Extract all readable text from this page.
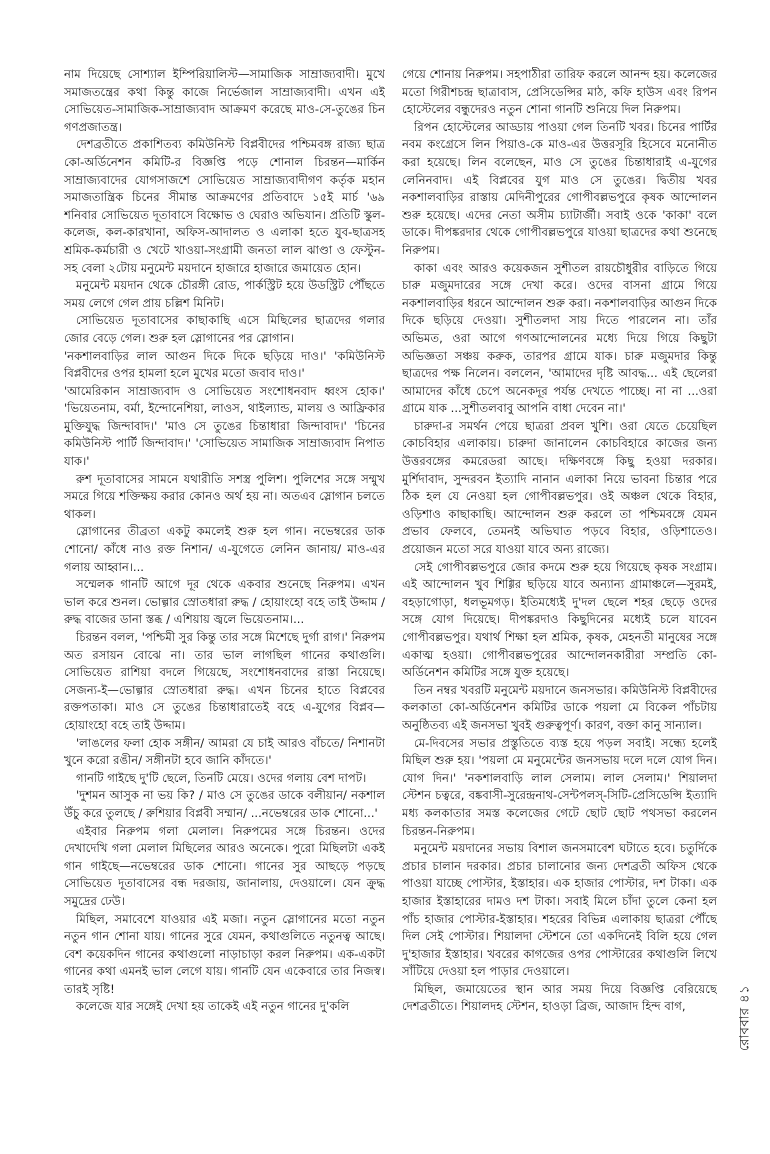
নাম দিয়েছে সোশ্যাল ইম্পিরিয়ালিস্ট—সামাজিক সাম্রাজ্যবাদী। মুখে সমাজতন্ত্রের কথা কিন্তু কাজে নির্ভেজাল সাম্রাজ্যবাদী। এখন এই সোভিয়েত-সামাজিক-সাম্রাজ্যবাদ আক্রমণ করেছে মাও-সে-তুঙের চিন গণপ্রজাতন্ত্র।

দেশব্রতীতে প্রকাশিতব্য কমিউনিস্ট বিপ্লবীদের পশ্চিমবঙ্গ রাজ্য ছাত্র কো-অর্ডিনেশন কমিটি-র বিজ্ঞপ্তি পড়ে শোনাল চিরন্তন—মার্কিন সাম্রাজ্যবাদের যোগসাজশে সোভিয়েত সাম্রাজ্যবাদীগণ কর্তৃক মহান সমাজতান্ত্রিক চিনের সীমান্ত আক্রমণের প্রতিবাদে ১৫ই মার্চ '৬৯ শনিবার সোভিয়েত দূতাবাসে বিক্ষোভ ও ঘেরাও অভিযান। প্রতিটি স্কুল-কলেজ, কল-কারখানা, অফিস-আদালত ও এলাকা হতে যুব-ছাত্রসহ শ্রমিক-কর্মচারী ও খেটে খাওয়া-সংগ্রামী জনতা লাল ঝাণ্ডা ও ফেস্টুন-সহ বেলা ২টোয় মনুমেন্ট ময়দানে হাজারে হাজারে জমায়েত হোন।

মনুমেন্ট ময়দান থেকে চৌরঙ্গী রোড, পার্কস্ট্রিট হয়ে উডস্ট্রিট পৌঁছতে সময় লেগে গেল প্রায় চল্লিশ মিনিট।

সোভিয়েত দূতাবাসের কাছাকাছি এসে মিছিলের ছাত্রদের গলার জোর বেড়ে গেল। শুরু হল স্লোগানের পর স্লোগান।

'নকশালবাড়ির লাল আগুন দিকে দিকে ছড়িয়ে দাও।' 'কমিউনিস্ট বিপ্লবীদের ওপর হামলা হলে মুখের মতো জবাব দাও।'

'আমেরিকান সাম্রাজ্যবাদ ও সোভিয়েত সংশোধনবাদ ধ্বংস হোক।' 'ভিয়েতনাম, বর্মা, ইন্দোনেশিয়া, লাওস, থাইল্যান্ড, মালয় ও আফ্রিকার মুক্তিযুদ্ধ জিন্দাবাদ।' 'মাও সে তুঙের চিন্তাধারা জিন্দাবাদ।' 'চিনের কমিউনিস্ট পার্টি জিন্দাবাদ।' 'সোভিয়েত সামাজিক সাম্রাজ্যবাদ নিপাত যাক।'

রুশ দূতাবাসের সামনে যথারীতি সশস্ত্র পুলিশ। পুলিশের সঙ্গে সম্মুখ সমরে গিয়ে শক্তিক্ষয় করার কোনও অর্থ হয় না। অতএব স্লোগান চলতে থাকল।

স্লোগানের তীব্রতা একটু কমলেই শুরু হল গান। নভেম্বরের ডাক শোনো/ কাঁধে নাও রক্ত নিশান/ এ-যুগেতে লেনিন জানায়/ মাও-এর গলায় আহ্বান।...

সম্মেলক গানটি আগে দূর থেকে একবার শুনেছে নিরুপম। এখন ভাল করে শুনল। ভোল্গার স্রোতধারা রুদ্ধ / হোয়াংহো বহে তাই উদ্দাম / রুদ্ধ বাজের ডানা স্তব্ধ / এশিয়ায় জ্বলে ভিয়েতনাম।...

চিরন্তন বলল, 'পশ্চিমী সুর কিন্তু তার সঙ্গে মিশেছে দুর্গা রাগ।' নিরুপম অত রসায়ন বোঝে না। তার ভাল লাগছিল গানের কথাগুলি। সোভিয়েত রাশিয়া বদলে গিয়েছে, সংশোধনবাদের রাস্তা নিয়েছে। সেজন্য-ই—ভোল্গার স্রোতধারা রুদ্ধ। এখন চিনের হাতে বিপ্লবের রক্তপতাকা। মাও সে তুঙের চিন্তাধারাতেই বহে এ-যুগের বিপ্লব—হোয়াংহো বহে তাই উদ্দাম।

'লাঙলের ফলা হোক সঙ্গীন/ আমরা যে চাই আরও বাঁচতে/ নিশানটা খুনে করো রঙীন/ সঙ্গীনটা হবে জানি কাঁদতে।'

গানটি গাইছে দু'টি ছেলে, তিনটি মেয়ে। ওদের গলায় বেশ দাপট।

'দুশমন আসুক না ভয় কি? / মাও সে তুঙের ডাকে বলীয়ান/ নকশাল উঁচু করে তুলছে / রুশিয়ার বিপ্লবী সম্মান/ ...নভেম্বরের ডাক শোনো...'

এইবার নিরুপম গলা মেলাল। নিরুপমের সঙ্গে চিরন্তন। ওদের দেখাদেখি গলা মেলাল মিছিলের আরও অনেকে। পুরো মিছিলটা একই গান গাইছে—নভেম্বরের ডাক শোনো। গানের সুর আছড়ে পড়ছে সোভিয়েত দূতাবাসের বন্ধ দরজায়, জানালায়, দেওয়ালে। যেন ক্রুদ্ধ সমুদ্রের ঢেউ।

মিছিল, সমাবেশে যাওয়ার এই মজা। নতুন স্লোগানের মতো নতুন নতুন গান শোনা যায়। গানের সুরে যেমন, কথাগুলিতে নতুনত্ব আছে। বেশ কয়েকদিন গানের কথাগুলো নাড়াচাড়া করল নিরুপম। এক-একটা গানের কথা এমনই ভাল লেগে যায়। গানটি যেন একেবারে তার নিজস্ব। তারই সৃষ্টি!

কলেজে যার সঙ্গেই দেখা হয় তাকেই এই নতুন গানের দু'কলি

গেয়ে শোনায় নিরুপম। সহপাঠীরা তারিফ করলে আনন্দ হয়। কলেজের মতো গিরীশচন্দ্র ছাত্রাবাস, প্রেসিডেন্সির মাঠ, কফি হাউস এবং রিপন হোস্টেলের বন্ধুদেরও নতুন শোনা গানটি শুনিয়ে দিল নিরুপম।

রিপন হোস্টেলের আড্ডায় পাওয়া গেল তিনটি খবর। চিনের পার্টির নবম কংগ্রেসে লিন পিয়াও-কে মাও-এর উত্তরসূরি হিসেবে মনোনীত করা হয়েছে। লিন বলেছেন, মাও সে তুঙের চিন্তাধারাই এ-যুগের লেনিনবাদ। এই বিপ্লবের যুগ মাও সে তুঙের। দ্বিতীয় খবর নকশালবাড়ির রাস্তায় মেদিনীপুরের গোপীবল্লভপুরে কৃষক আন্দোলন শুরু হয়েছে। এদের নেতা অসীম চ্যাটার্জী। সবাই ওকে 'কাকা' বলে ডাকে। দীপঙ্করদার থেকে গোপীবল্লভপুরে যাওয়া ছাত্রদের কথা শুনেছে নিরুপম।

কাকা এবং আরও কয়েকজন সুশীতল রায়চৌধুরীর বাড়িতে গিয়ে চারু মজুমদারের সঙ্গে দেখা করে। ওদের বাসনা গ্রামে গিয়ে নকশালবাড়ির ধরনে আন্দোলন শুরু করা। নকশালবাড়ির আগুন দিকে দিকে ছড়িয়ে দেওয়া। সুশীতলদা সায় দিতে পারলেন না। তাঁর অভিমত, ওরা আগে গণআন্দোলনের মধ্যে দিয়ে গিয়ে কিছুটা অভিজ্ঞতা সঞ্চয় করুক, তারপর গ্রামে যাক। চারু মজুমদার কিন্তু ছাত্রদের পক্ষ নিলেন। বললেন, 'আমাদের দৃষ্টি আবদ্ধ... এই ছেলেরা আমাদের কাঁধে চেপে অনেকদূর পর্যন্ত দেখতে পাচ্ছে। না না ...ওরা গ্রামে যাক ...সুশীতলবাবু আপনি বাধা দেবেন না।'

চারুদা-র সমর্থন পেয়ে ছাত্ররা প্রবল খুশি। ওরা যেতে চেয়েছিল কোচবিহার এলাকায়। চারুদা জানালেন কোচবিহারে কাজের জন্য উত্তরবঙ্গের কমরেডরা আছে। দক্ষিণবঙ্গে কিছু হওয়া দরকার। মুর্শিদাবাদ, সুন্দরবন ইত্যাদি নানান এলাকা নিয়ে ভাবনা চিন্তার পরে ঠিক হল যে নেওয়া হল গোপীবল্লভপুর। ওই অঞ্চল থেকে বিহার, ওড়িশাও কাছাকাছি। আন্দোলন শুরু করলে তা পশ্চিমবঙ্গে যেমন প্রভাব ফেলবে, তেমনই অভিঘাত পড়বে বিহার, ওড়িশাতেও। প্রয়োজন মতো সরে যাওয়া যাবে অন্য রাজ্যে।

সেই গোপীবল্লভপুরে জোর কদমে শুরু হয়ে গিয়েছে কৃষক সংগ্রাম। এই আন্দোলন খুব শিগ্গির ছড়িয়ে যাবে অন্যান্য গ্রামাঞ্চলে—সুরমই, বহড়াগোড়া, ধলভূমগড়। ইতিমধ্যেই দু'দল ছেলে শহর ছেড়ে ওদের সঙ্গে যোগ দিয়েছে। দীপঙ্করদাও কিছুদিনের মধ্যেই চলে যাবেন গোপীবল্লভপুর। যথার্থ শিক্ষা হল শ্রমিক, কৃষক, মেহনতী মানুষের সঙ্গে একাত্ম হওয়া। গোপীবল্লভপুরের আন্দোলনকারীরা সম্প্রতি কো-অর্ডিনেশন কমিটির সঙ্গে যুক্ত হয়েছে।

তিন নম্বর খবরটি মনুমেন্ট ময়দানে জনসভার। কমিউনিস্ট বিপ্লবীদের কলকাতা কো-অর্ডিনেশন কমিটির ডাকে পয়লা মে বিকেল পাঁচটায় অনুষ্ঠিতব্য এই জনসভা খুবই গুরুত্বপূর্ণ। কারণ, বক্তা কানু সান্যাল।

মে-দিবসের সভার প্রস্তুতিতে ব্যস্ত হয়ে পড়ল সবাই। সন্ধ্যে হলেই মিছিল শুরু হয়। 'পয়লা মে মনুমেন্টের জনসভায় দলে দলে যোগ দিন। যোগ দিন।' 'নকশালবাড়ি লাল সেলাম। লাল সেলাম।' শিয়ালদা স্টেশন চত্বরে, বঙ্কবাসী-সুরেন্দ্রনাথ-সেন্টপলস্-সিটি-প্রেসিডেন্সি ইত্যাদি মধ্য কলকাতার সমস্ত কলেজের গেটে ছোট ছোট পথসভা করলেন চিরন্তন-নিরুপম।

মনুমেন্ট ময়দানের সভায় বিশাল জনসমাবেশ ঘটাতে হবে। চতুর্দিকে প্রচার চালান দরকার। প্রচার চালানোর জন্য দেশব্রতী অফিস থেকে পাওয়া যাচ্ছে পোস্টার, ইস্তাহার। এক হাজার পোস্টার, দশ টাকা। এক হাজার ইস্তাহারের দামও দশ টাকা। সবাই মিলে চাঁদা তুলে কেনা হল পাঁচ হাজার পোস্টার-ইস্তাহার। শহরের বিভিন্ন এলাকায় ছাত্ররা পৌঁছে দিল সেই পোস্টার। শিয়ালদা স্টেশনে তো একদিনেই বিলি হয়ে গেল দু'হাজার ইস্তাহার। খবরের কাগজের ওপর পোস্টারের কথাগুলি লিখে সাঁটিয়ে দেওয়া হল পাড়ার দেওয়ালে।

মিছিল, জমায়েতের স্থান আর সময় দিয়ে বিজ্ঞপ্তি বেরিয়েছে দেশব্রতীতে। শিয়ালদহ স্টেশন, হাওড়া ব্রিজ, আজাদ হিন্দ বাগ,	রোববার ৪১
